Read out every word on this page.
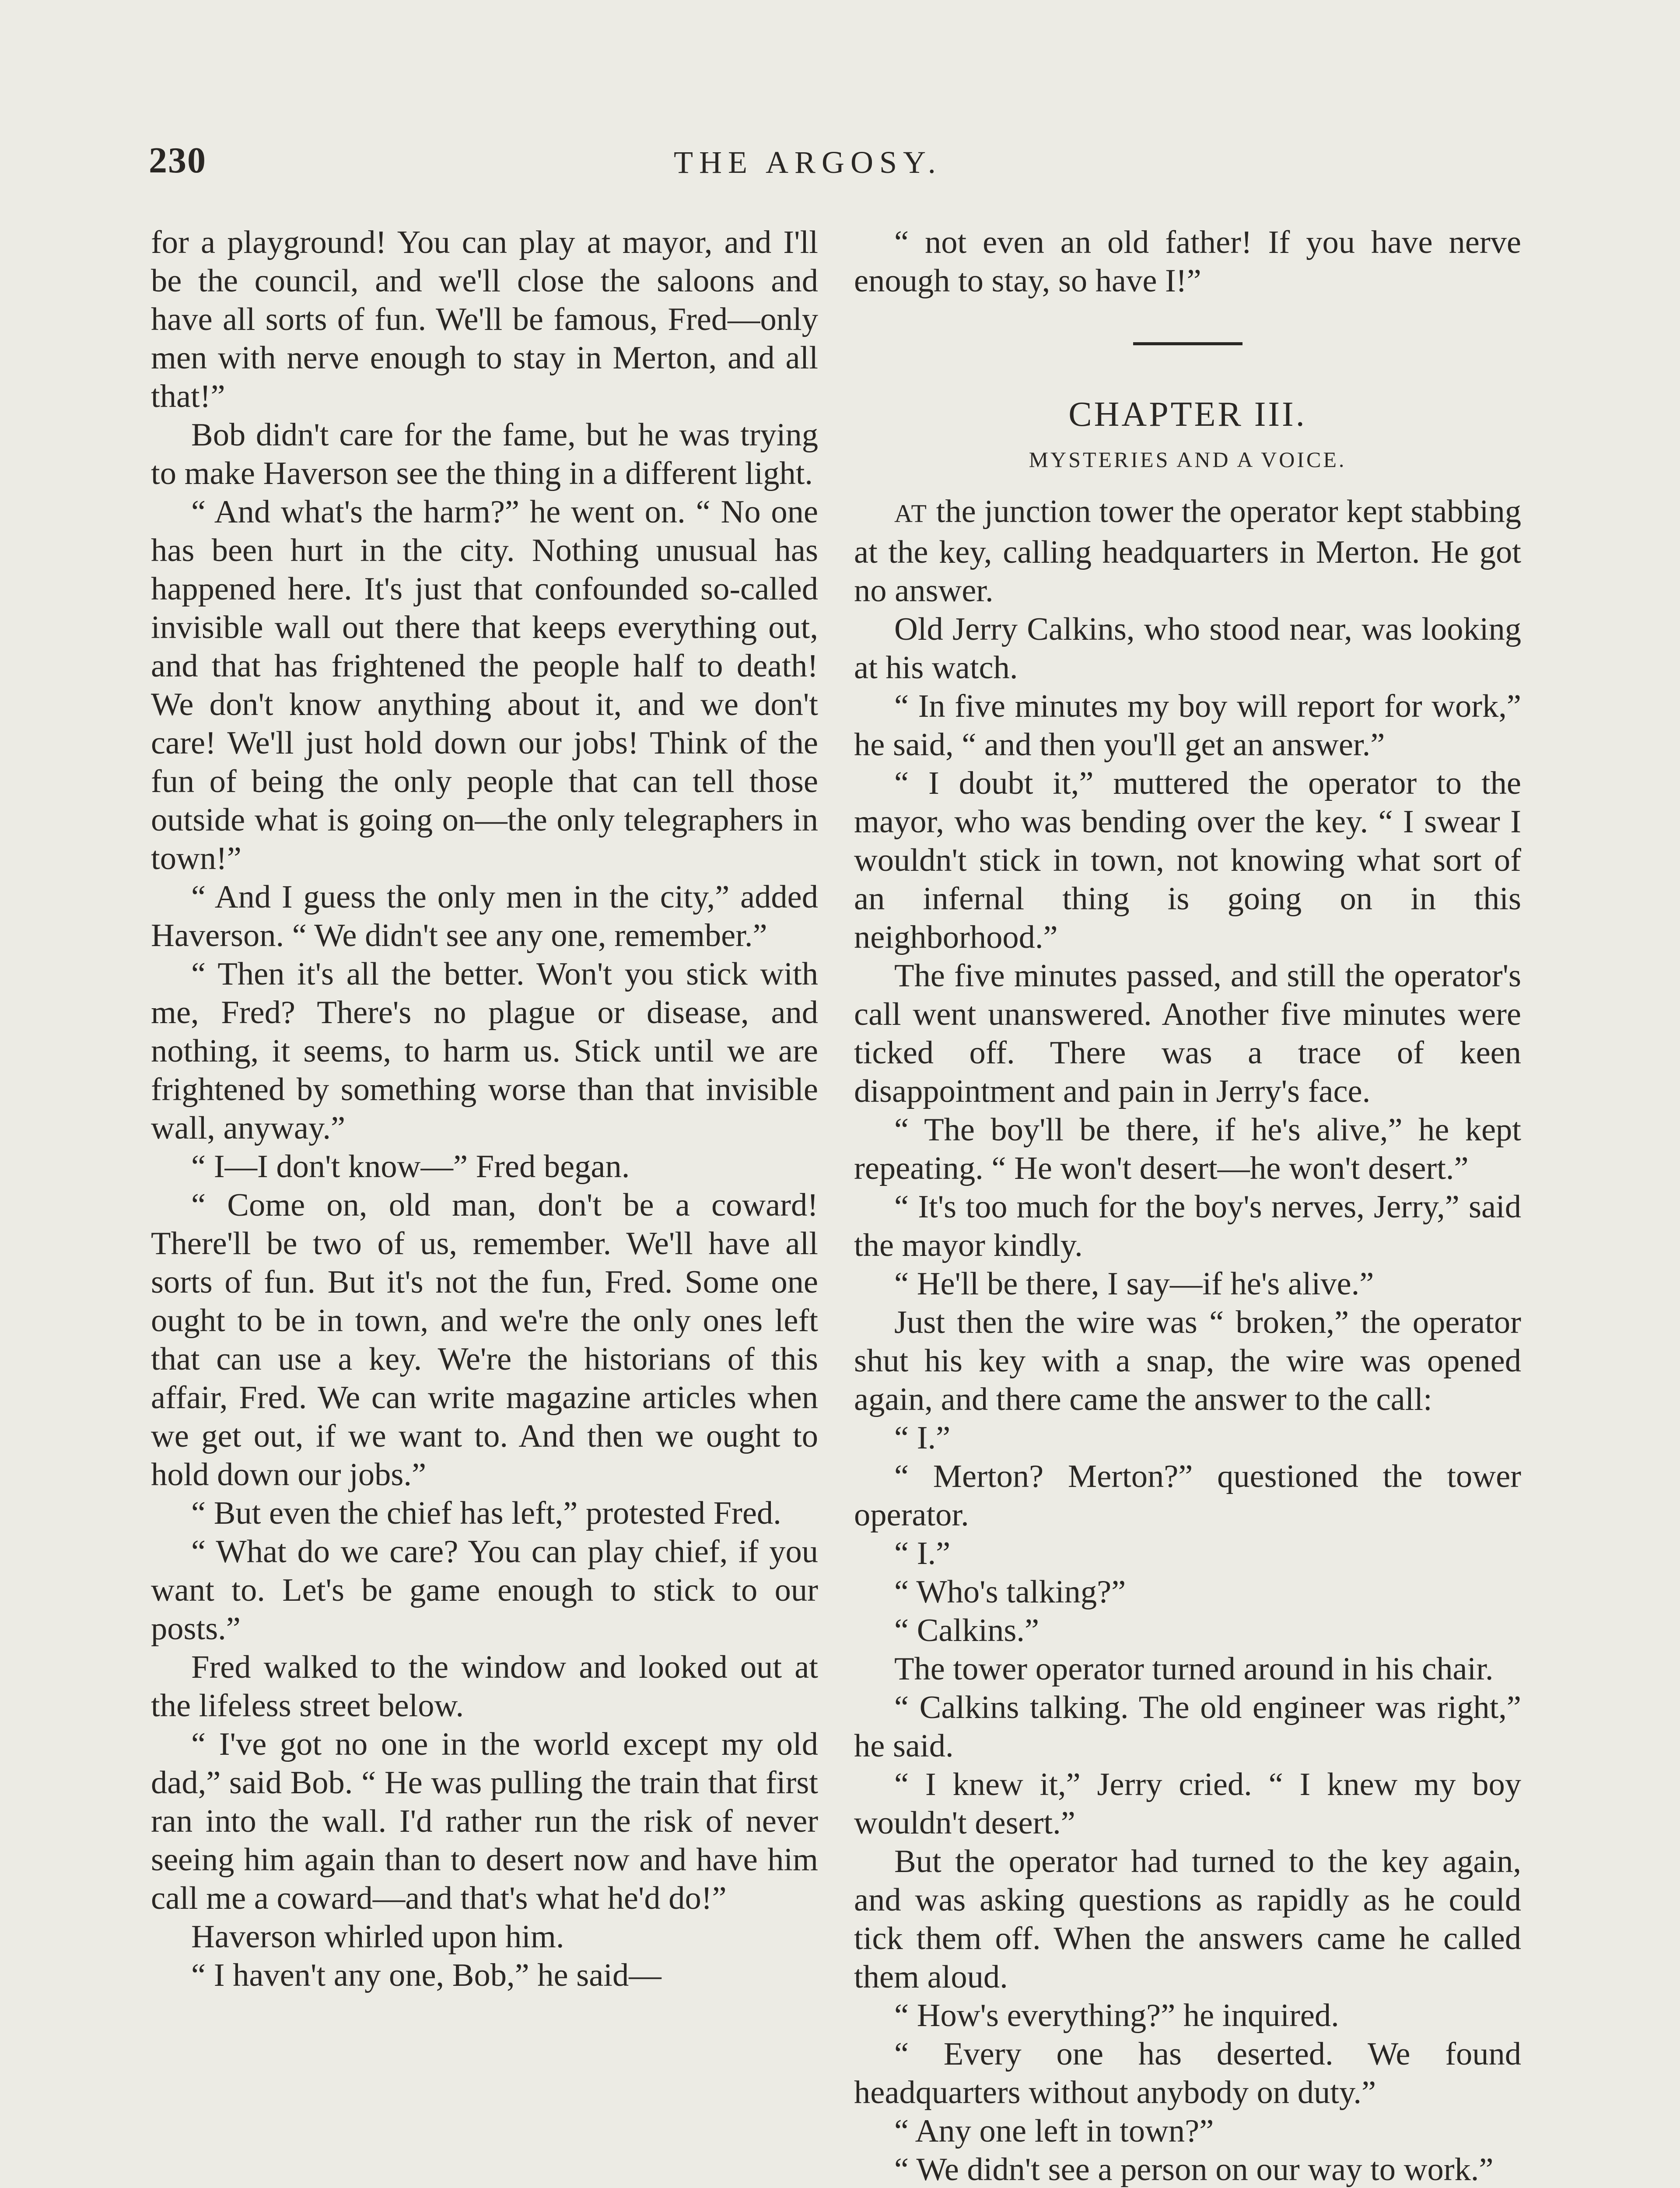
230	THE ARGOSY.

for a playground! You can play at mayor, and I'll be the council, and we'll close the saloons and have all sorts of fun. We'll be famous, Fred—only men with nerve enough to stay in Merton, and all that!”

Bob didn't care for the fame, but he was trying to make Haverson see the thing in a different light.

“ And what's the harm?” he went on. “ No one has been hurt in the city. Nothing unusual has happened here. It's just that confounded so-called invisible wall out there that keeps everything out, and that has frightened the people half to death! We don't know anything about it, and we don't care! We'll just hold down our jobs! Think of the fun of being the only people that can tell those outside what is going on—the only telegraphers in town!”

“ And I guess the only men in the city,” added Haverson. “ We didn't see any one, remember.”

“ Then it's all the better. Won't you stick with me, Fred? There's no plague or disease, and nothing, it seems, to harm us. Stick until we are frightened by something worse than that invisible wall, anyway.”

“ I—I don't know—” Fred began.

“ Come on, old man, don't be a coward! There'll be two of us, remember. We'll have all sorts of fun. But it's not the fun, Fred. Some one ought to be in town, and we're the only ones left that can use a key. We're the historians of this affair, Fred. We can write magazine articles when we get out, if we want to. And then we ought to hold down our jobs.”

“ But even the chief has left,” protested Fred.

“ What do we care? You can play chief, if you want to. Let's be game enough to stick to our posts.”

Fred walked to the window and looked out at the lifeless street below.

“ I've got no one in the world except my old dad,” said Bob. “ He was pulling the train that first ran into the wall. I'd rather run the risk of never seeing him again than to desert now and have him call me a coward—and that's what he'd do!”

Haverson whirled upon him.

“ I haven't any one, Bob,” he said—

“ not even an old father! If you have nerve enough to stay, so have I!”

CHAPTER III.
MYSTERIES AND A VOICE.

AT the junction tower the operator kept stabbing at the key, calling headquarters in Merton. He got no answer.

Old Jerry Calkins, who stood near, was looking at his watch.

“ In five minutes my boy will report for work,” he said, “ and then you'll get an answer.”

“ I doubt it,” muttered the operator to the mayor, who was bending over the key. “ I swear I wouldn't stick in town, not knowing what sort of an infernal thing is going on in this neighborhood.”

The five minutes passed, and still the operator's call went unanswered. Another five minutes were ticked off. There was a trace of keen disappointment and pain in Jerry's face.

“ The boy'll be there, if he's alive,” he kept repeating. “ He won't desert—he won't desert.”

“ It's too much for the boy's nerves, Jerry,” said the mayor kindly.

“ He'll be there, I say—if he's alive.”

Just then the wire was “ broken,” the operator shut his key with a snap, the wire was opened again, and there came the answer to the call:

“ I.”

“ Merton? Merton?” questioned the tower operator.

“ I.”

“ Who's talking?”

“ Calkins.”

The tower operator turned around in his chair.

“ Calkins talking. The old engineer was right,” he said.

“ I knew it,” Jerry cried. “ I knew my boy wouldn't desert.”

But the operator had turned to the key again, and was asking questions as rapidly as he could tick them off. When the answers came he called them aloud.

“ How's everything?” he inquired.

“ Every one has deserted. We found headquarters without anybody on duty.”

“ Any one left in town?”

“ We didn't see a person on our way to work.”
